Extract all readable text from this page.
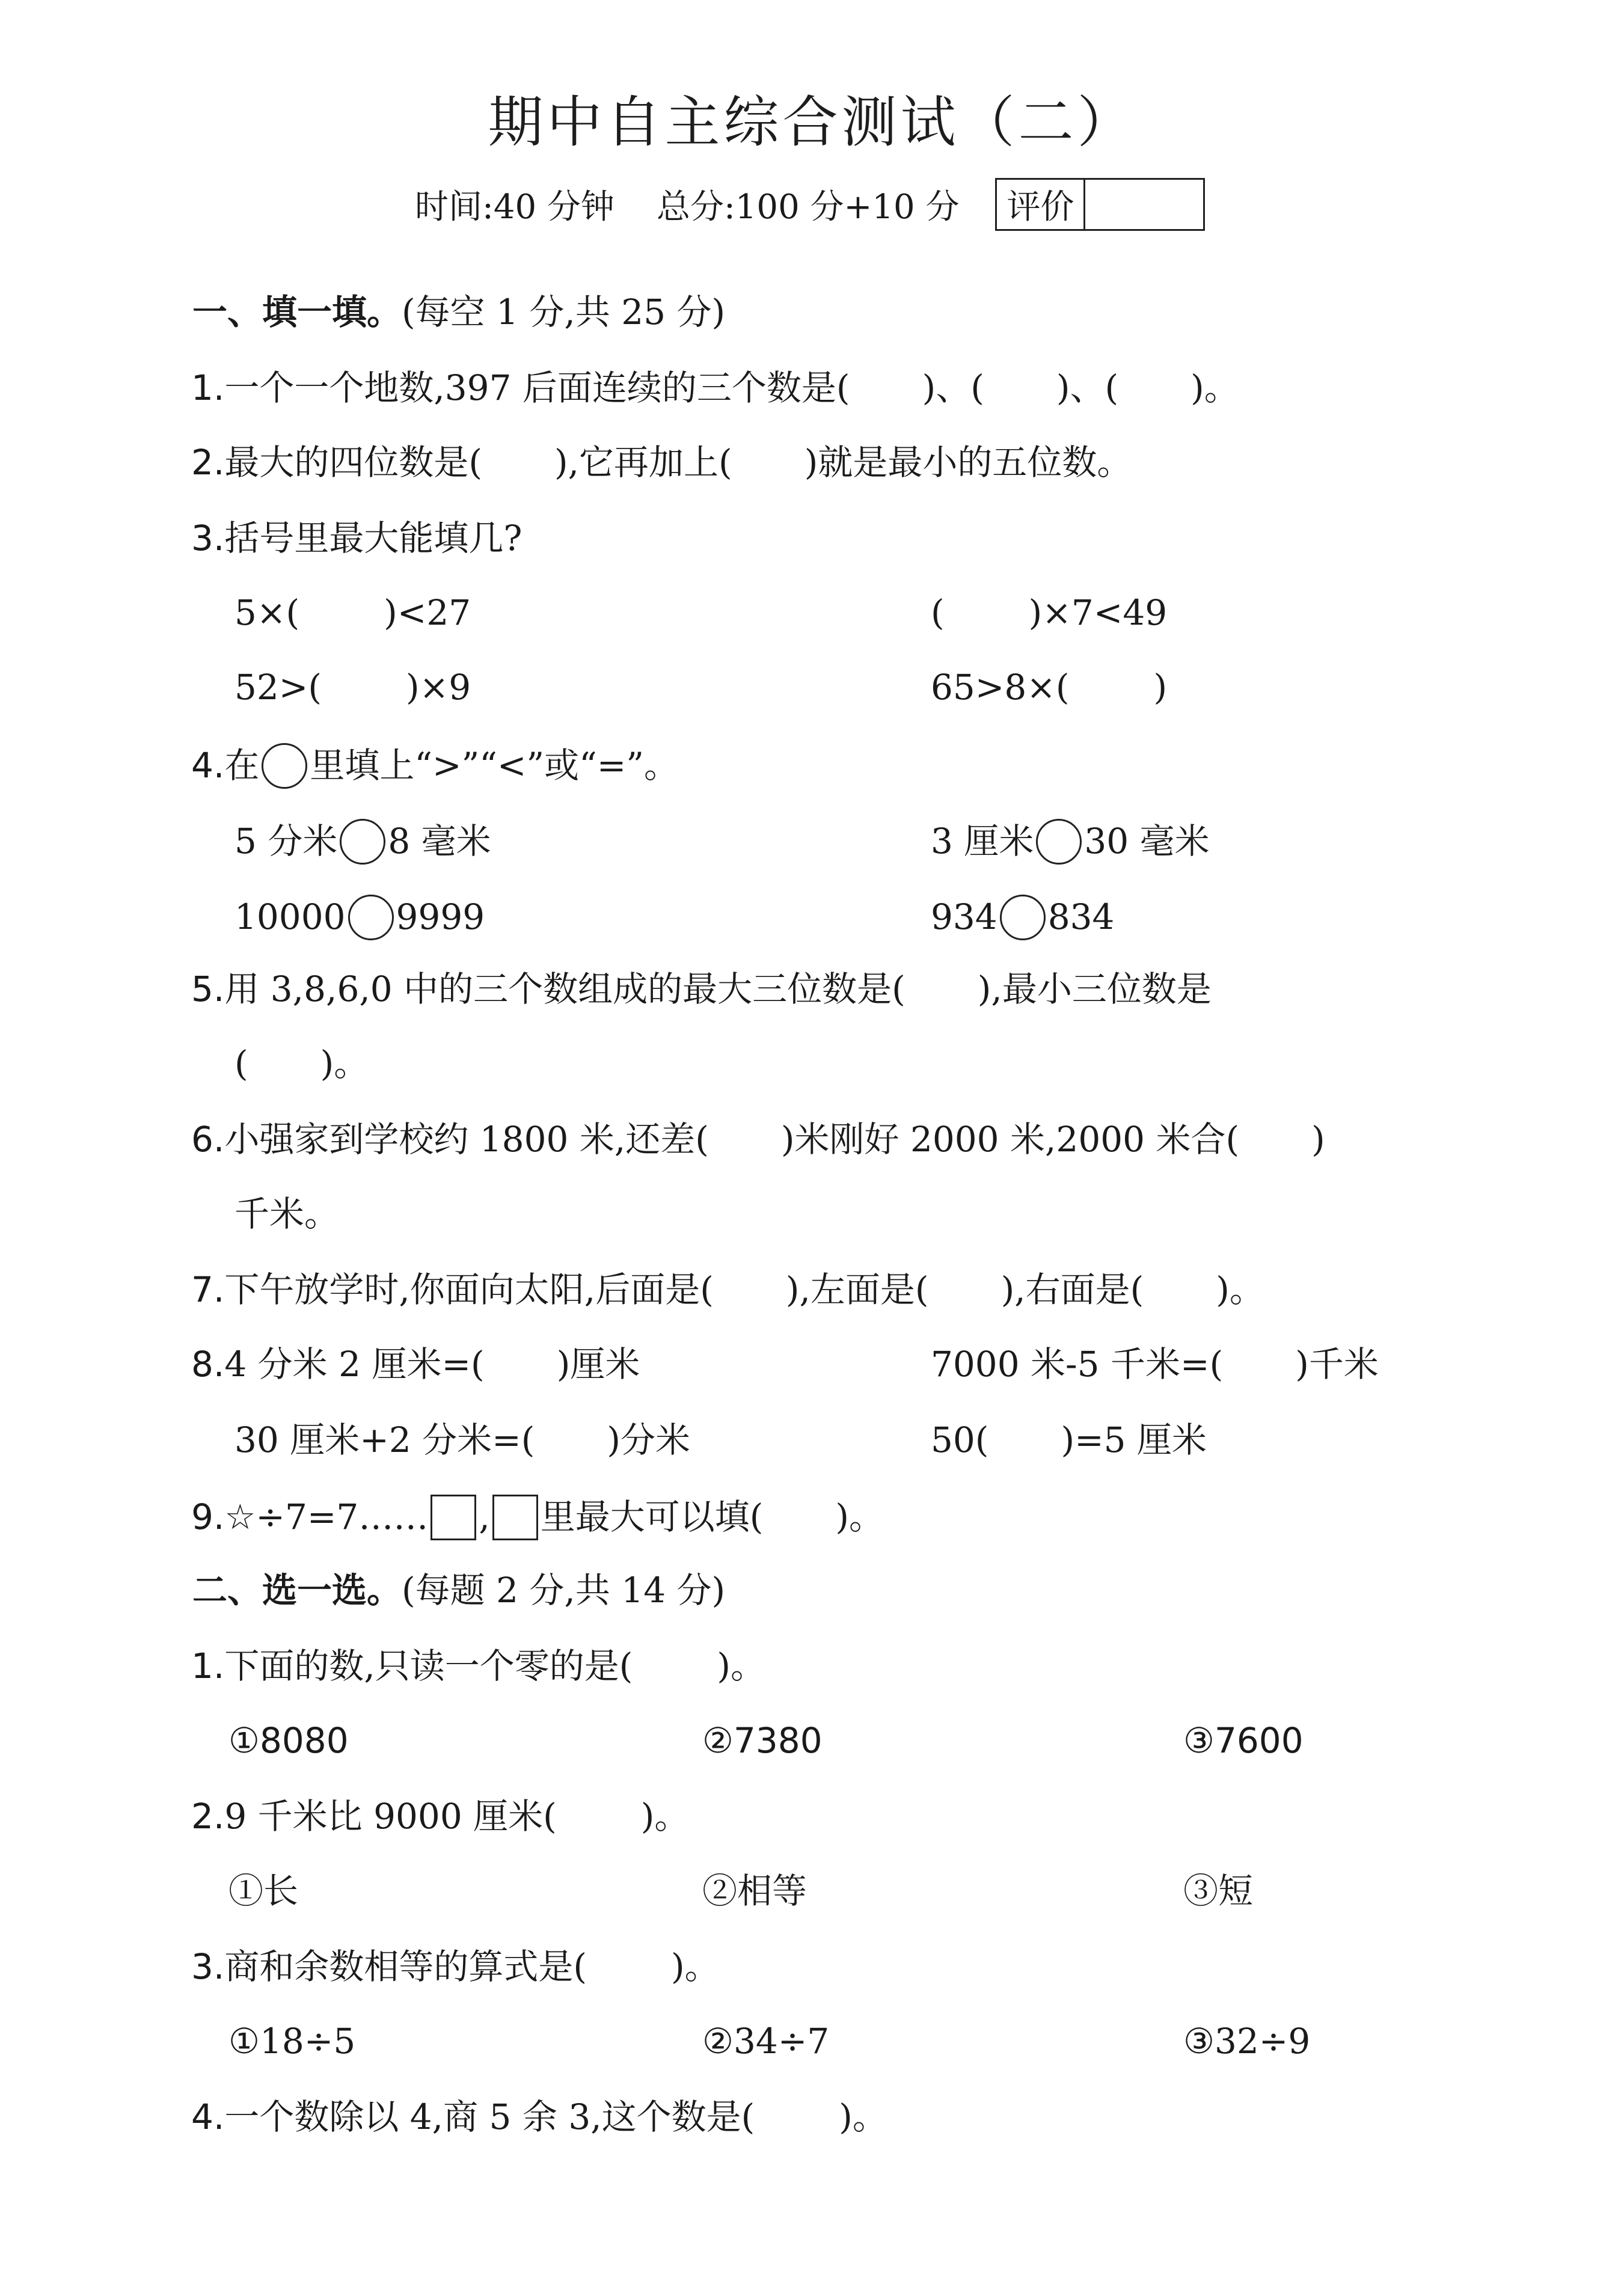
期中自主综合测试（二）
时间:40 分钟 总分:100 分+10 分 评价
一、填一填。(每空 1 分,共 25 分)
1.一个一个地数,397 后面连续的三个数是( )、( )、( )。
2.最大的四位数是( ),它再加上( )就是最小的五位数。
3.括号里最大能填几?
5×( )<27	( )×7<49
52>( )×9	65>8×( )
4.在 里填上“>”“<”或“=”。
5 分米 8 毫米	3 厘米 30 毫米
10000 9999	934 834
5.用 3,8,6,0 中的三个数组成的最大三位数是( ),最小三位数是
( )。
6.小强家到学校约 1800 米,还差( )米刚好 2000 米,2000 米合( )
千米。
7.下午放学时,你面向太阳,后面是( ),左面是( ),右面是( )。
8.4 分米 2 厘米=( )厘米	7000 米-5 千米=( )千米
30 厘米+2 分米=( )分米	50( )=5 厘米
9.☆÷7=7…… , 里最大可以填( )。
二、选一选。(每题 2 分,共 14 分)
1.下面的数,只读一个零的是( )。
①8080	②7380	③7600
2.9 千米比 9000 厘米( )。
①长	②相等	③短
3.商和余数相等的算式是( )。
①18÷5	②34÷7	③32÷9
4.一个数除以 4,商 5 余 3,这个数是( )。
